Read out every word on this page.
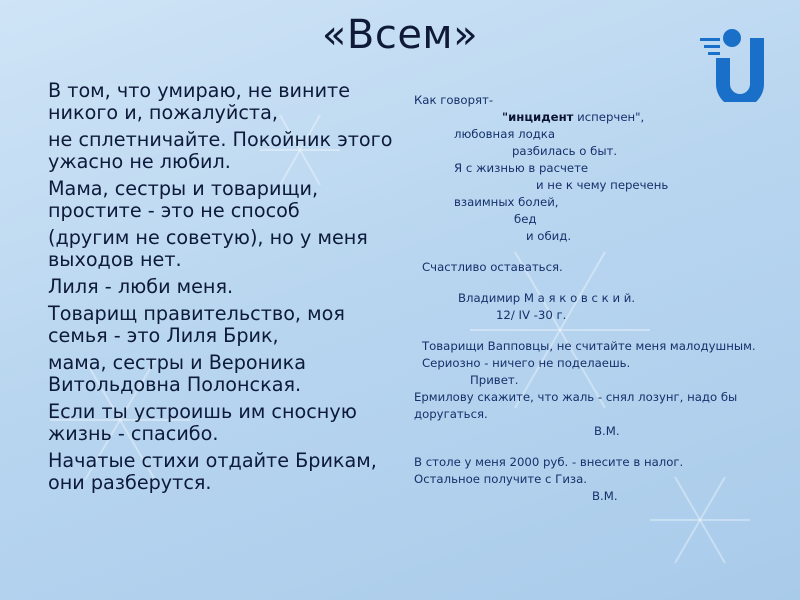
«Всем»
В том, что умираю, не вините никого и, пожалуйста,
не сплетничайте. Покойник этого ужасно не любил.
Мама, сестры и товарищи, простите - это не способ
(другим не советую), но у меня выходов нет.
Лиля - люби меня.
Товарищ правительство, моя семья - это Лиля Брик,
мама, сестры и Вероника Витольдовна Полонская.
Если ты устроишь им сносную жизнь - спасибо.
Начатые стихи отдайте Брикам, они разберутся.
Как говорят-
"инцидент исперчен",
любовная лодка
разбилась о быт.
Я с жизнью в расчете
и не к чему перечень
взаимных болей,
бед
и обид.
Счастливо оставаться.
Владимир М а я к о в с к и й.
12/ IV -30 г.
Товарищи Вапповцы, не считайте меня малодушным.
Сериозно - ничего не поделаешь.
Привет.
Ермилову скажите, что жаль - снял лозунг, надо бы доругаться.
В.М.
В столе у меня 2000 руб. - внесите в налог.
Остальное получите с Гиза.
В.М.
